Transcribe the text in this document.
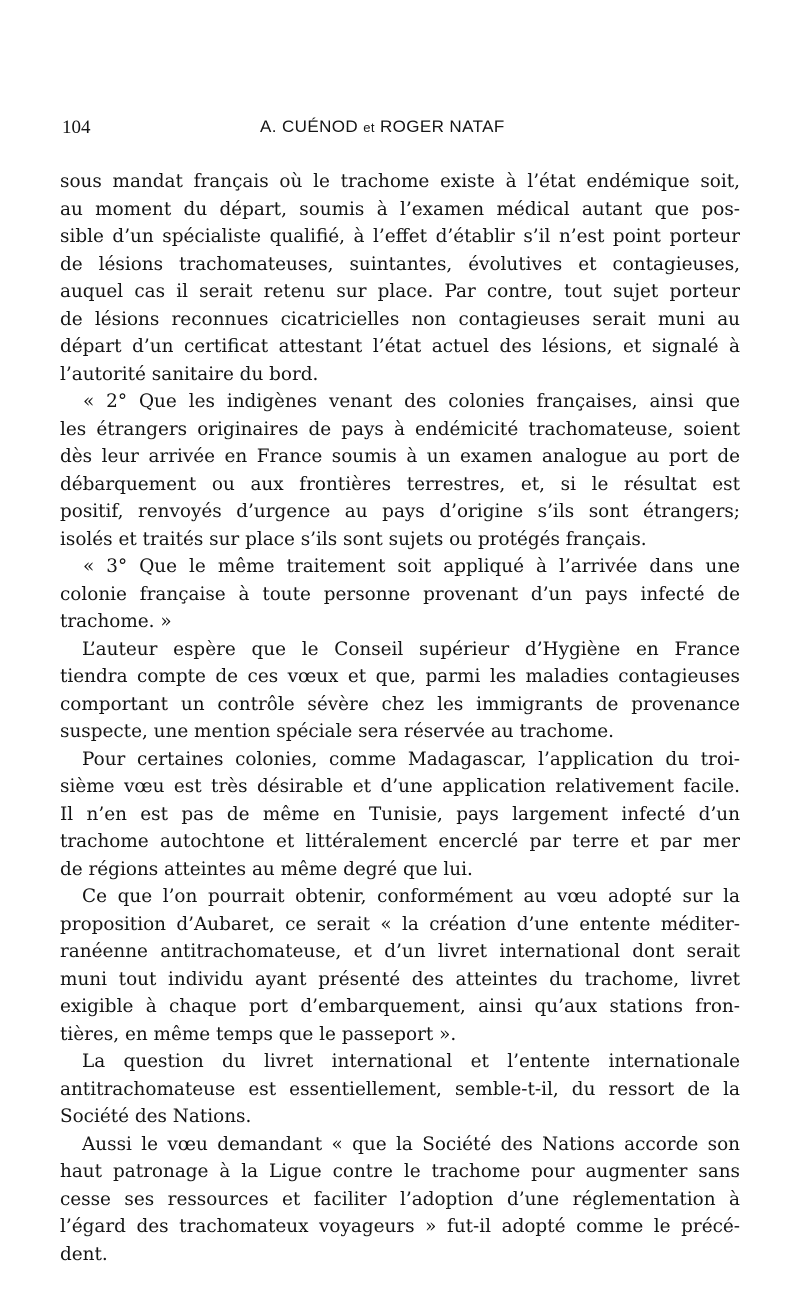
104	A. CUÉNOD et ROGER NATAF
sous mandat français où le trachome existe à l’état endémique soit,
au moment du départ, soumis à l’examen médical autant que pos-
sible d’un spécialiste qualifié, à l’effet d’établir s’il n’est point porteur
de lésions trachomateuses, suintantes, évolutives et contagieuses,
auquel cas il serait retenu sur place. Par contre, tout sujet porteur
de lésions reconnues cicatricielles non contagieuses serait muni au
départ d’un certificat attestant l’état actuel des lésions, et signalé à
l’autorité sanitaire du bord.
« 2° Que les indigènes venant des colonies françaises, ainsi que
les étrangers originaires de pays à endémicité trachomateuse, soient
dès leur arrivée en France soumis à un examen analogue au port de
débarquement ou aux frontières terrestres, et, si le résultat est
positif, renvoyés d’urgence au pays d’origine s’ils sont étrangers;
isolés et traités sur place s’ils sont sujets ou protégés français.
« 3° Que le même traitement soit appliqué à l’arrivée dans une
colonie française à toute personne provenant d’un pays infecté de
trachome. »
L’auteur espère que le Conseil supérieur d’Hygiène en France
tiendra compte de ces vœux et que, parmi les maladies contagieuses
comportant un contrôle sévère chez les immigrants de provenance
suspecte, une mention spéciale sera réservée au trachome.
Pour certaines colonies, comme Madagascar, l’application du troi-
sième vœu est très désirable et d’une application relativement facile.
Il n’en est pas de même en Tunisie, pays largement infecté d’un
trachome autochtone et littéralement encerclé par terre et par mer
de régions atteintes au même degré que lui.
Ce que l’on pourrait obtenir, conformément au vœu adopté sur la
proposition d’Aubaret, ce serait « la création d’une entente méditer-
ranéenne antitrachomateuse, et d’un livret international dont serait
muni tout individu ayant présenté des atteintes du trachome, livret
exigible à chaque port d’embarquement, ainsi qu’aux stations fron-
tières, en même temps que le passeport ».
La question du livret international et l’entente internationale
antitrachomateuse est essentiellement, semble-t-il, du ressort de la
Société des Nations.
Aussi le vœu demandant « que la Société des Nations accorde son
haut patronage à la Ligue contre le trachome pour augmenter sans
cesse ses ressources et faciliter l’adoption d’une réglementation à
l’égard des trachomateux voyageurs » fut-il adopté comme le précé-
dent.
